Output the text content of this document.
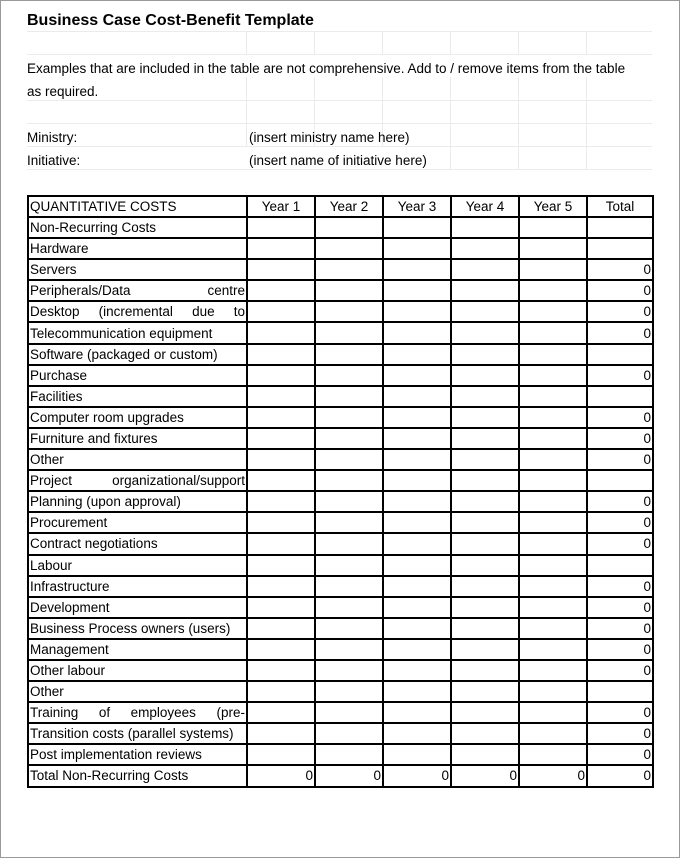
Business Case Cost-Benefit Template
Examples that are included in the table are not comprehensive. Add to / remove items from the table
as required.
Ministry:	(insert ministry name here)
Initiative:	(insert name of initiative here)
QUANTITATIVE COSTS	Year 1	Year 2	Year 3	Year 4	Year 5	Total
Non-Recurring Costs						
Hardware						
Servers						0
Peripherals/Data centre						0
Desktop (incremental due to						0
Telecommunication equipment						0
Software (packaged or custom)						
Purchase						0
Facilities						
Computer room upgrades						0
Furniture and fixtures						0
Other						0
Project organizational/support						
Planning (upon approval)						0
Procurement						0
Contract negotiations						0
Labour						
Infrastructure						0
Development						0
Business Process owners (users)						0
Management						0
Other labour						0
Other						
Training of employees (pre-						0
Transition costs (parallel systems)						0
Post implementation reviews						0
Total Non-Recurring Costs	0	0	0	0	0	0
